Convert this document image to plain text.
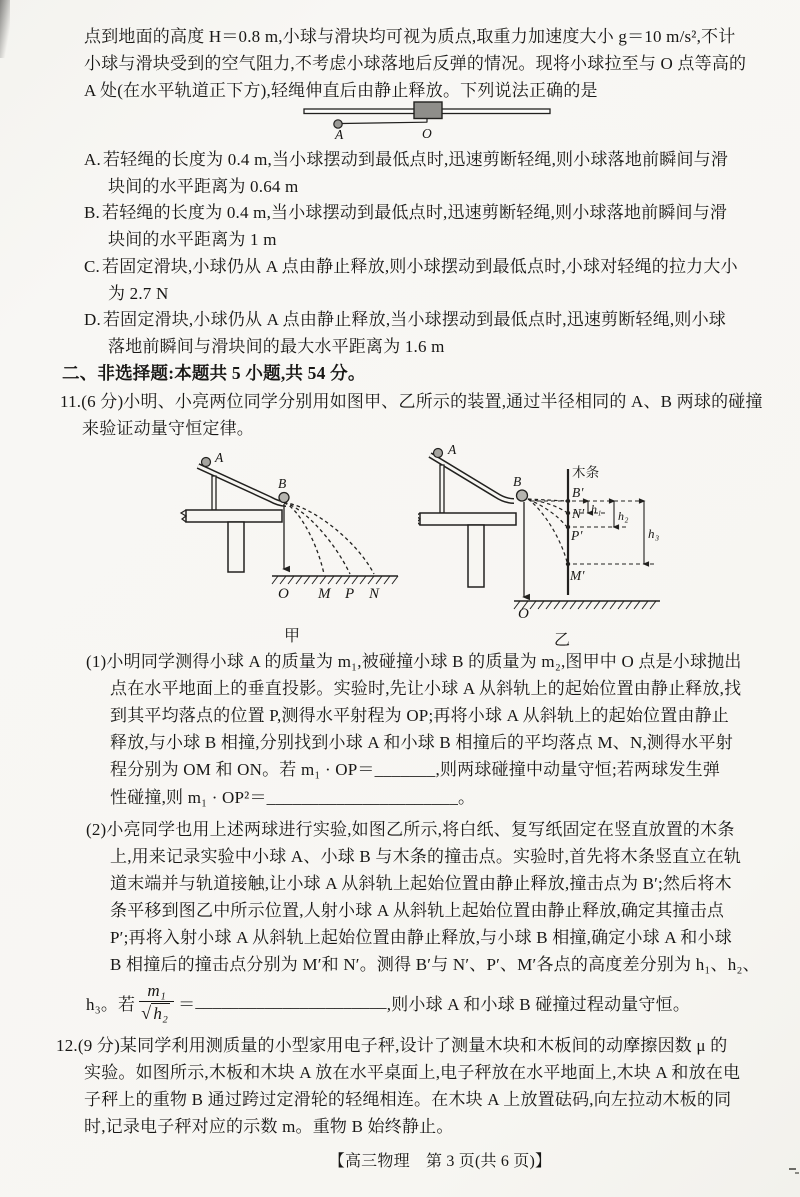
点到地面的高度 H＝0.8 m,小球与滑块均可视为质点,取重力加速度大小 g＝10 m/s²,不计
小球与滑块受到的空气阻力,不考虑小球落地后反弹的情况。现将小球拉至与 O 点等高的
A 处(在水平轨道正下方),轻绳伸直后由静止释放。下列说法正确的是
A	O
A. 若轻绳的长度为 0.4 m,当小球摆动到最低点时,迅速剪断轻绳,则小球落地前瞬间与滑
块间的水平距离为 0.64 m
B. 若轻绳的长度为 0.4 m,当小球摆动到最低点时,迅速剪断轻绳,则小球落地前瞬间与滑
块间的水平距离为 1 m
C. 若固定滑块,小球仍从 A 点由静止释放,则小球摆动到最低点时,小球对轻绳的拉力大小
为 2.7 N
D. 若固定滑块,小球仍从 A 点由静止释放,当小球摆动到最低点时,迅速剪断轻绳,则小球
落地前瞬间与滑块间的最大水平距离为 1.6 m
二、非选择题:本题共 5 小题,共 54 分。
11.(6 分)小明、小亮两位同学分别用如图甲、乙所示的装置,通过半径相同的 A、B 两球的碰撞
来验证动量守恒定律。
A
B
O M P N
甲
A
B
木条
B′
N′
P′
M′
h₁ h₂
h₃
O
乙
(1)小明同学测得小球 A 的质量为 m₁,被碰撞小球 B 的质量为 m₂,图甲中 O 点是小球抛出
点在水平地面上的垂直投影。实验时,先让小球 A 从斜轨上的起始位置由静止释放,找
到其平均落点的位置 P,测得水平射程为 OP;再将小球 A 从斜轨上的起始位置由静止
释放,与小球 B 相撞,分别找到小球 A 和小球 B 相撞后的平均落点 M、N,测得水平射
程分别为 OM 和 ON。若 m₁ · OP＝_______,则两球碰撞中动量守恒;若两球发生弹
性碰撞,则 m₁ · OP²＝______________________。
(2)小亮同学也用上述两球进行实验,如图乙所示,将白纸、复写纸固定在竖直放置的木条
上,用来记录实验中小球 A、小球 B 与木条的撞击点。实验时,首先将木条竖直立在轨
道末端并与轨道接触,让小球 A 从斜轨上起始位置由静止释放,撞击点为 B′;然后将木
条平移到图乙中所示位置,人射小球 A 从斜轨上起始位置由静止释放,确定其撞击点
P′;再将入射小球 A 从斜轨上起始位置由静止释放,与小球 B 相撞,确定小球 A 和小球
B 相撞后的撞击点分别为 M′和 N′。测得 B′与 N′、P′、M′各点的高度差分别为 h₁、h₂、
h₃。若 $\frac{\text{m₁}}{\text{√ h₂}}$ ＝ ______________________ ,则小球 A 和小球 B 碰撞过程动量守恒。
12.(9 分)某同学利用测质量的小型家用电子秤,设计了测量木块和木板间的动摩擦因数 μ 的
实验。如图所示,木板和木块 A 放在水平桌面上,电子秤放在水平地面上,木块 A 和放在电
子秤上的重物 B 通过跨过定滑轮的轻绳相连。在木块 A 上放置砝码,向左拉动木板的同
时,记录电子秤对应的示数 m。重物 B 始终静止。
【高三物理　第 3 页(共 6 页)】
